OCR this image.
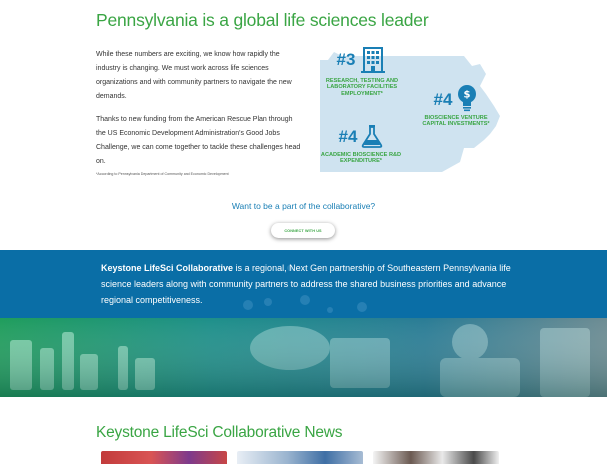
Pennsylvania is a global life sciences leader

While these numbers are exciting, we know how rapidly the industry is changing. We must work across life sciences organizations and with community partners to navigate the new demands.

Thanks to new funding from the American Rescue Plan through the US Economic Development Administration's Good Jobs Challenge, we can come together to tackle these challenges head on.

*According to Pennsylvania Department of Community and Economic Development
#3
RESEARCH, TESTING AND LABORATORY FACILITIES EMPLOYMENT*	#4 $
BIOSCIENCE VENTURE CAPITAL INVESTMENTS*
#4
ACADEMIC BIOSCIENCE R&D EXPENDITURE*
Want to be a part of the collaborative?
CONNECT WITH US
Keystone LifeSci Collaborative is a regional, Next Gen partnership of Southeastern Pennsylvania life science leaders along with community partners to address the shared business priorities and advance regional competitiveness.
Keystone LifeSci Collaborative News
